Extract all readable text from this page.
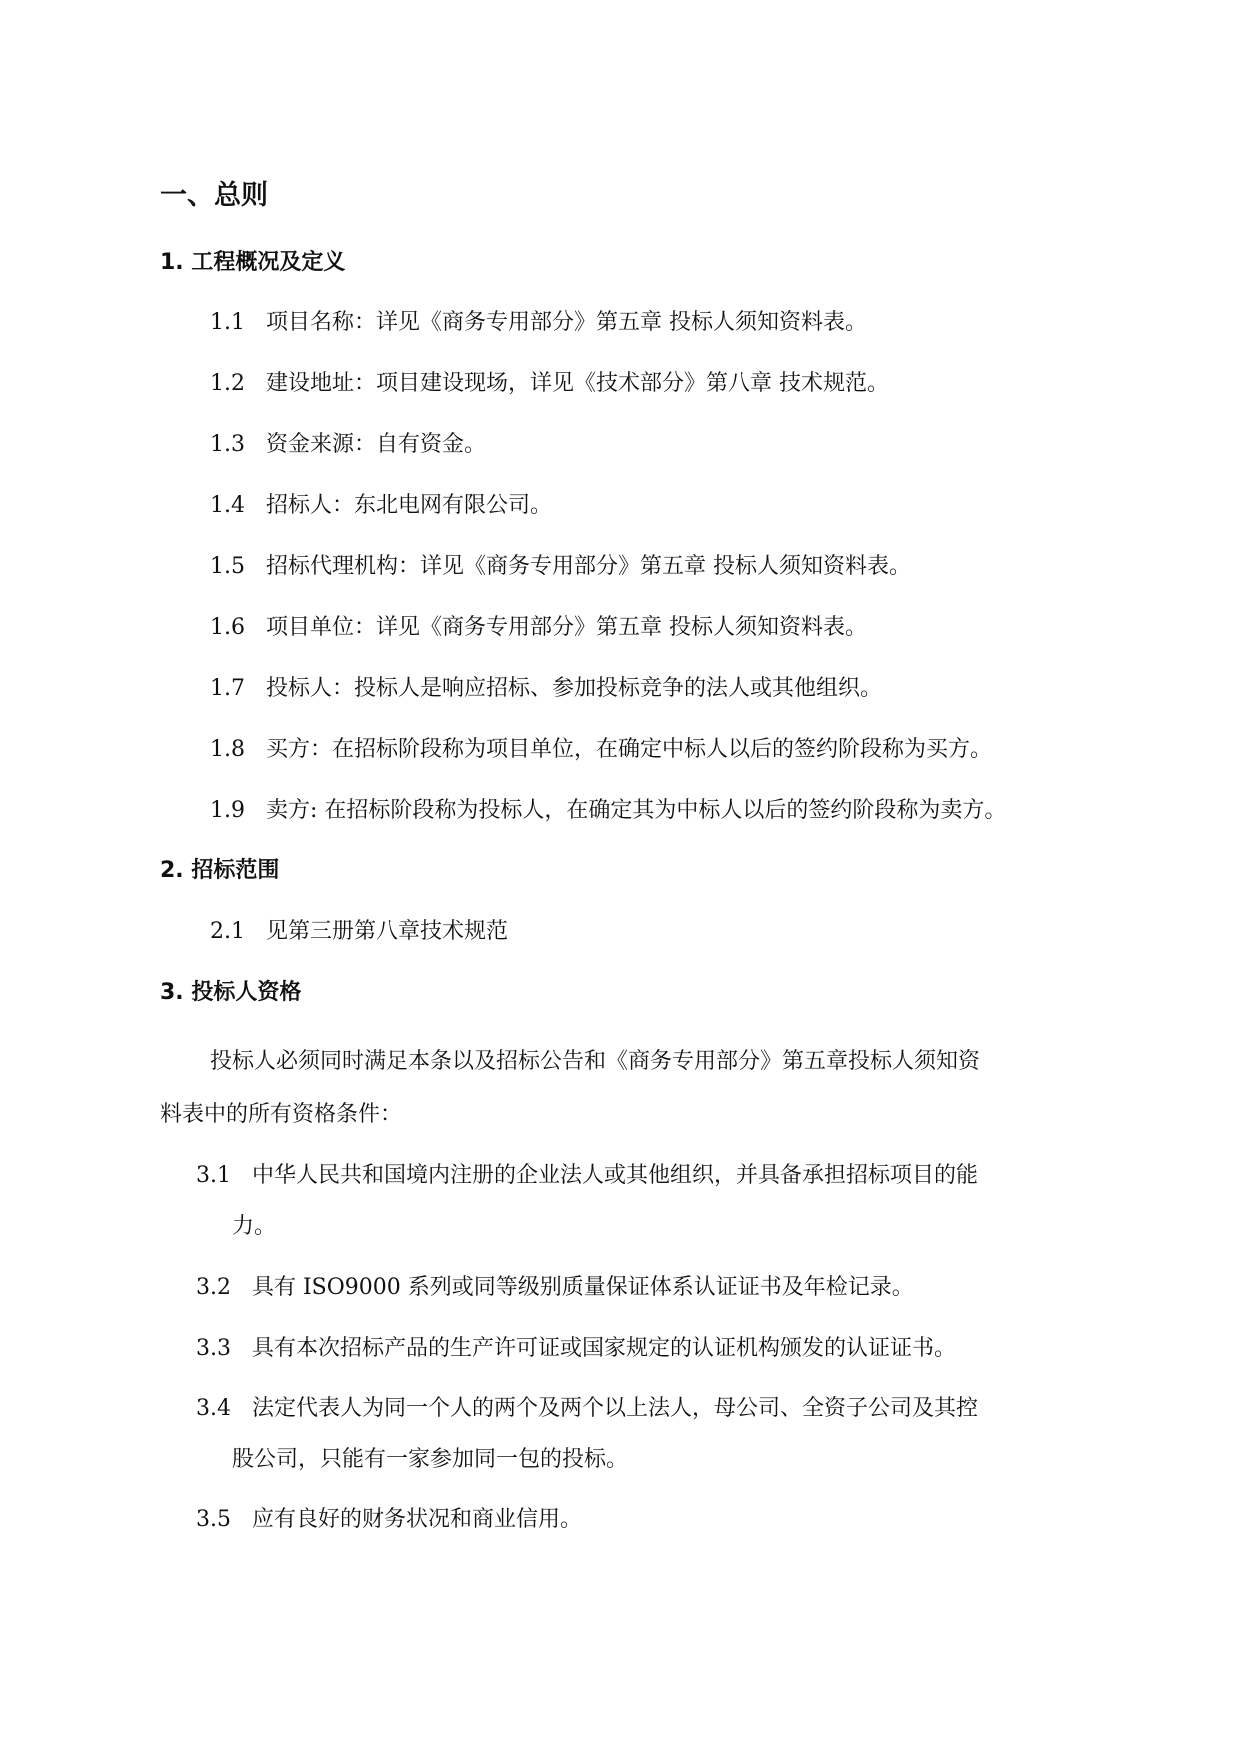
一、总则
1. 工程概况及定义
1.1 项目名称：详见《商务专用部分》第五章 投标人须知资料表。
1.2 建设地址：项目建设现场，详见《技术部分》第八章 技术规范。
1.3 资金来源：自有资金。
1.4 招标人：东北电网有限公司。
1.5 招标代理机构：详见《商务专用部分》第五章 投标人须知资料表。
1.6 项目单位：详见《商务专用部分》第五章 投标人须知资料表。
1.7 投标人：投标人是响应招标、参加投标竞争的法人或其他组织。
1.8 买方：在招标阶段称为项目单位，在确定中标人以后的签约阶段称为买方。
1.9 卖方: 在招标阶段称为投标人，在确定其为中标人以后的签约阶段称为卖方。
2. 招标范围
2.1 见第三册第八章技术规范
3. 投标人资格
投标人必须同时满足本条以及招标公告和《商务专用部分》第五章投标人须知资
料表中的所有资格条件：
3.1 中华人民共和国境内注册的企业法人或其他组织，并具备承担招标项目的能
力。
3.2 具有 ISO9000 系列或同等级别质量保证体系认证证书及年检记录。
3.3 具有本次招标产品的生产许可证或国家规定的认证机构颁发的认证证书。
3.4 法定代表人为同一个人的两个及两个以上法人，母公司、全资子公司及其控
股公司，只能有一家参加同一包的投标。
3.5 应有良好的财务状况和商业信用。
